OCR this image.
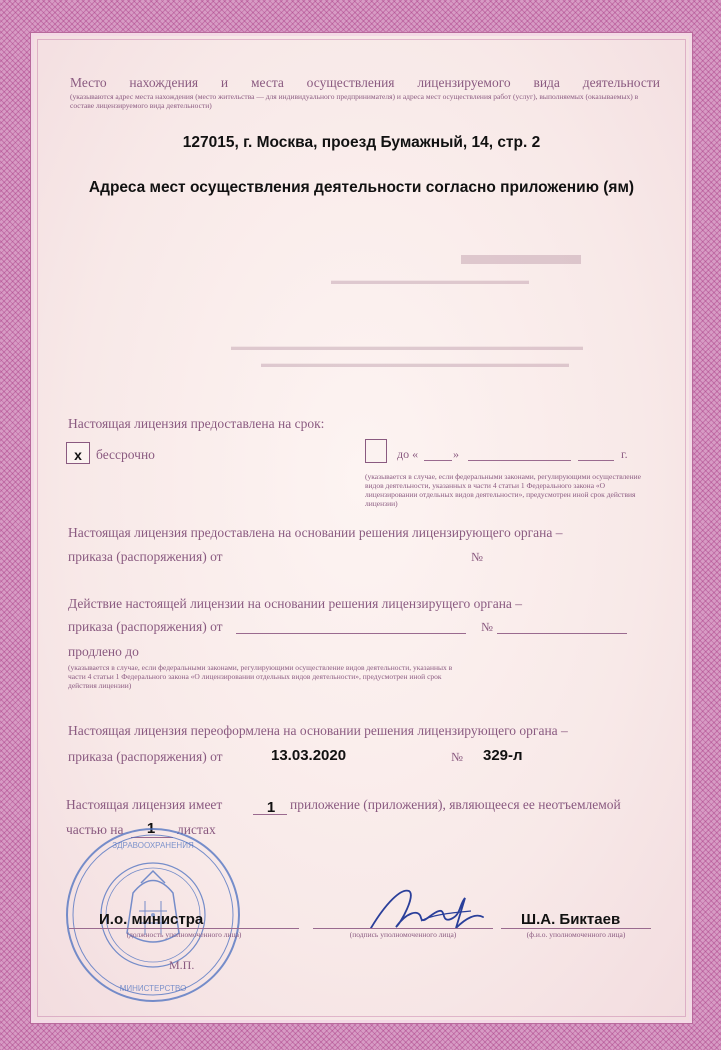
▬▬▬▬
▬▬▬▬▬▬▬▬▬▬▬▬▬▬▬▬▬▬
▬▬▬▬▬▬▬▬▬▬▬▬▬▬▬▬▬▬▬▬▬▬▬▬▬▬▬▬▬▬▬▬
▬▬▬▬▬▬▬▬▬▬▬▬▬▬▬▬▬▬▬▬▬▬▬▬▬▬▬▬
Место нахождения и места осуществления лицензируемого вида деятельности
(указываются адрес места нахождения (место жительства — для индивидуального предпринимателя) и адреса мест осуществления работ (услуг), выполняемых (оказываемых) в составе лицензируемого вида деятельности)
127015, г. Москва, проезд Бумажный, 14, стр. 2
Адреса мест осуществления деятельности согласно приложению (ям)
Настоящая лицензия предоставлена на срок:
x	бессрочно	до «	»	г.
(указывается в случае, если федеральными законами, регулирующими осуществление видов деятельности, указанных в части 4 статьи 1 Федерального закона «О лицензировании отдельных видов деятельности», предусмотрен иной срок действия лицензии)
Настоящая лицензия предоставлена на основании решения лицензирующего органа –
приказа (распоряжения) от	№
Действие настоящей лицензии на основании решения лицензирущего органа –
приказа (распоряжения) от	№
продлено до
(указывается в случае, если федеральными законами, регулирующими осуществление видов деятельности, указанных в части 4 статьи 1 Федерального закона «О лицензировании отдельных видов деятельности», предусмотрен иной срок действия лицензии)
Настоящая лицензия переоформлена на основании решения лицензирующего органа –
приказа (распоряжения) от	13.03.2020	№ 329-л
Настоящая лицензия имеет	1	приложение (приложения), являющееся ее неотъемлемой
частью на	1	листах
ЗДРАВООХРАНЕНИЯ
МИНИСТЕРСТВО
И.о. министра
(должность уполномоченного лица)	(подпись уполномоченного лица)
Ш.А. Биктаев
(ф.и.о. уполномоченного лица)
М.П.
